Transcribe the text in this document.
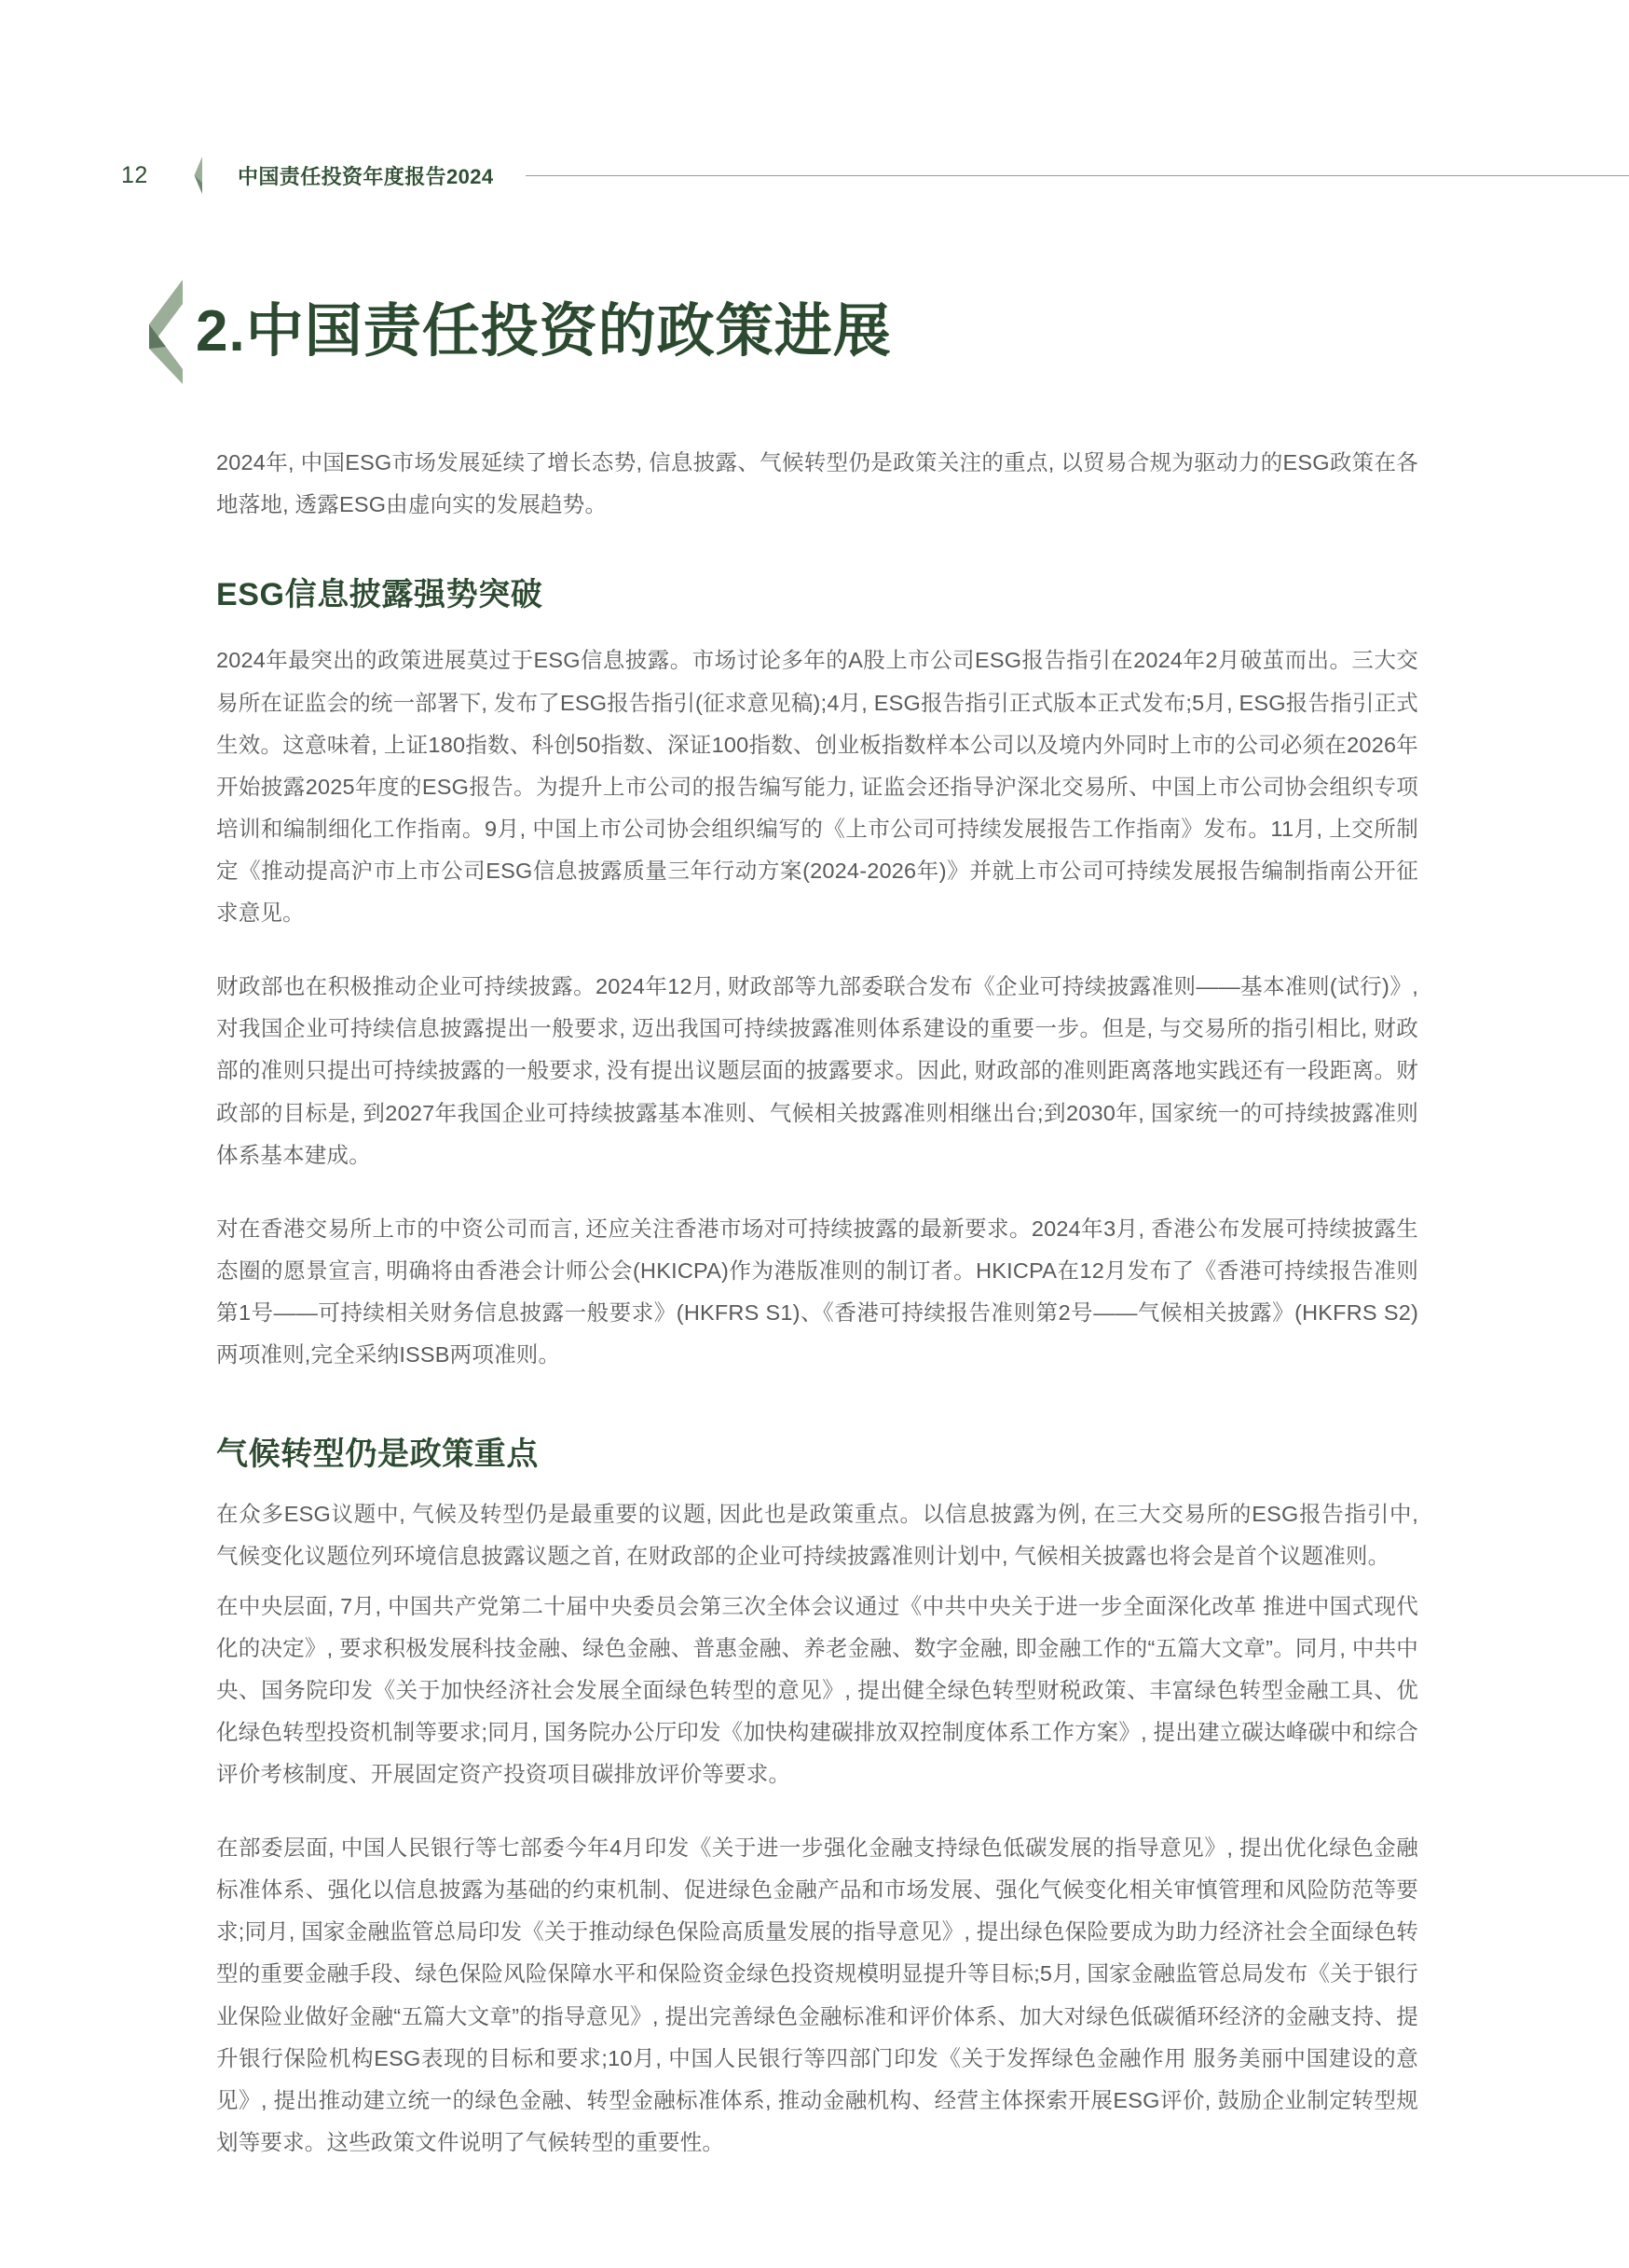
12	中国责任投资年度报告2024
2.中国责任投资的政策进展

2024年, 中国ESG市场发展延续了增长态势, 信息披露、气候转型仍是政策关注的重点, 以贸易合规为驱动力的ESG政策在各地落地, 透露ESG由虚向实的发展趋势。

ESG信息披露强势突破

2024年最突出的政策进展莫过于ESG信息披露。市场讨论多年的A股上市公司ESG报告指引在2024年2月破茧而出。三大交易所在证监会的统一部署下, 发布了ESG报告指引(征求意见稿);4月, ESG报告指引正式版本正式发布;5月, ESG报告指引正式生效。这意味着, 上证180指数、科创50指数、深证100指数、创业板指数样本公司以及境内外同时上市的公司必须在2026年开始披露2025年度的ESG报告。为提升上市公司的报告编写能力, 证监会还指导沪深北交易所、中国上市公司协会组织专项培训和编制细化工作指南。9月, 中国上市公司协会组织编写的《上市公司可持续发展报告工作指南》发布。11月, 上交所制定《推动提高沪市上市公司ESG信息披露质量三年行动方案(2024-2026年)》并就上市公司可持续发展报告编制指南公开征求意见。

财政部也在积极推动企业可持续披露。2024年12月, 财政部等九部委联合发布《企业可持续披露准则——基本准则(试行)》, 对我国企业可持续信息披露提出一般要求, 迈出我国可持续披露准则体系建设的重要一步。但是, 与交易所的指引相比, 财政部的准则只提出可持续披露的一般要求, 没有提出议题层面的披露要求。因此, 财政部的准则距离落地实践还有一段距离。财政部的目标是, 到2027年我国企业可持续披露基本准则、气候相关披露准则相继出台;到2030年, 国家统一的可持续披露准则体系基本建成。

对在香港交易所上市的中资公司而言, 还应关注香港市场对可持续披露的最新要求。2024年3月, 香港公布发展可持续披露生态圈的愿景宣言, 明确将由香港会计师公会(HKICPA)作为港版准则的制订者。HKICPA在12月发布了《香港可持续报告准则第1号——可持续相关财务信息披露一般要求》(HKFRS S1)、《香港可持续报告准则第2号——气候相关披露》(HKFRS S2)两项准则,完全采纳ISSB两项准则。

气候转型仍是政策重点

在众多ESG议题中, 气候及转型仍是最重要的议题, 因此也是政策重点。以信息披露为例, 在三大交易所的ESG报告指引中, 气候变化议题位列环境信息披露议题之首, 在财政部的企业可持续披露准则计划中, 气候相关披露也将会是首个议题准则。

在中央层面, 7月, 中国共产党第二十届中央委员会第三次全体会议通过《中共中央关于进一步全面深化改革 推进中国式现代化的决定》, 要求积极发展科技金融、绿色金融、普惠金融、养老金融、数字金融, 即金融工作的“五篇大文章”。同月, 中共中央、国务院印发《关于加快经济社会发展全面绿色转型的意见》, 提出健全绿色转型财税政策、丰富绿色转型金融工具、优化绿色转型投资机制等要求;同月, 国务院办公厅印发《加快构建碳排放双控制度体系工作方案》, 提出建立碳达峰碳中和综合评价考核制度、开展固定资产投资项目碳排放评价等要求。

在部委层面, 中国人民银行等七部委今年4月印发《关于进一步强化金融支持绿色低碳发展的指导意见》, 提出优化绿色金融标准体系、强化以信息披露为基础的约束机制、促进绿色金融产品和市场发展、强化气候变化相关审慎管理和风险防范等要求;同月, 国家金融监管总局印发《关于推动绿色保险高质量发展的指导意见》, 提出绿色保险要成为助力经济社会全面绿色转型的重要金融手段、绿色保险风险保障水平和保险资金绿色投资规模明显提升等目标;5月, 国家金融监管总局发布《关于银行业保险业做好金融“五篇大文章”的指导意见》, 提出完善绿色金融标准和评价体系、加大对绿色低碳循环经济的金融支持、提升银行保险机构ESG表现的目标和要求;10月, 中国人民银行等四部门印发《关于发挥绿色金融作用 服务美丽中国建设的意见》, 提出推动建立统一的绿色金融、转型金融标准体系, 推动金融机构、经营主体探索开展ESG评价, 鼓励企业制定转型规划等要求。这些政策文件说明了气候转型的重要性。
